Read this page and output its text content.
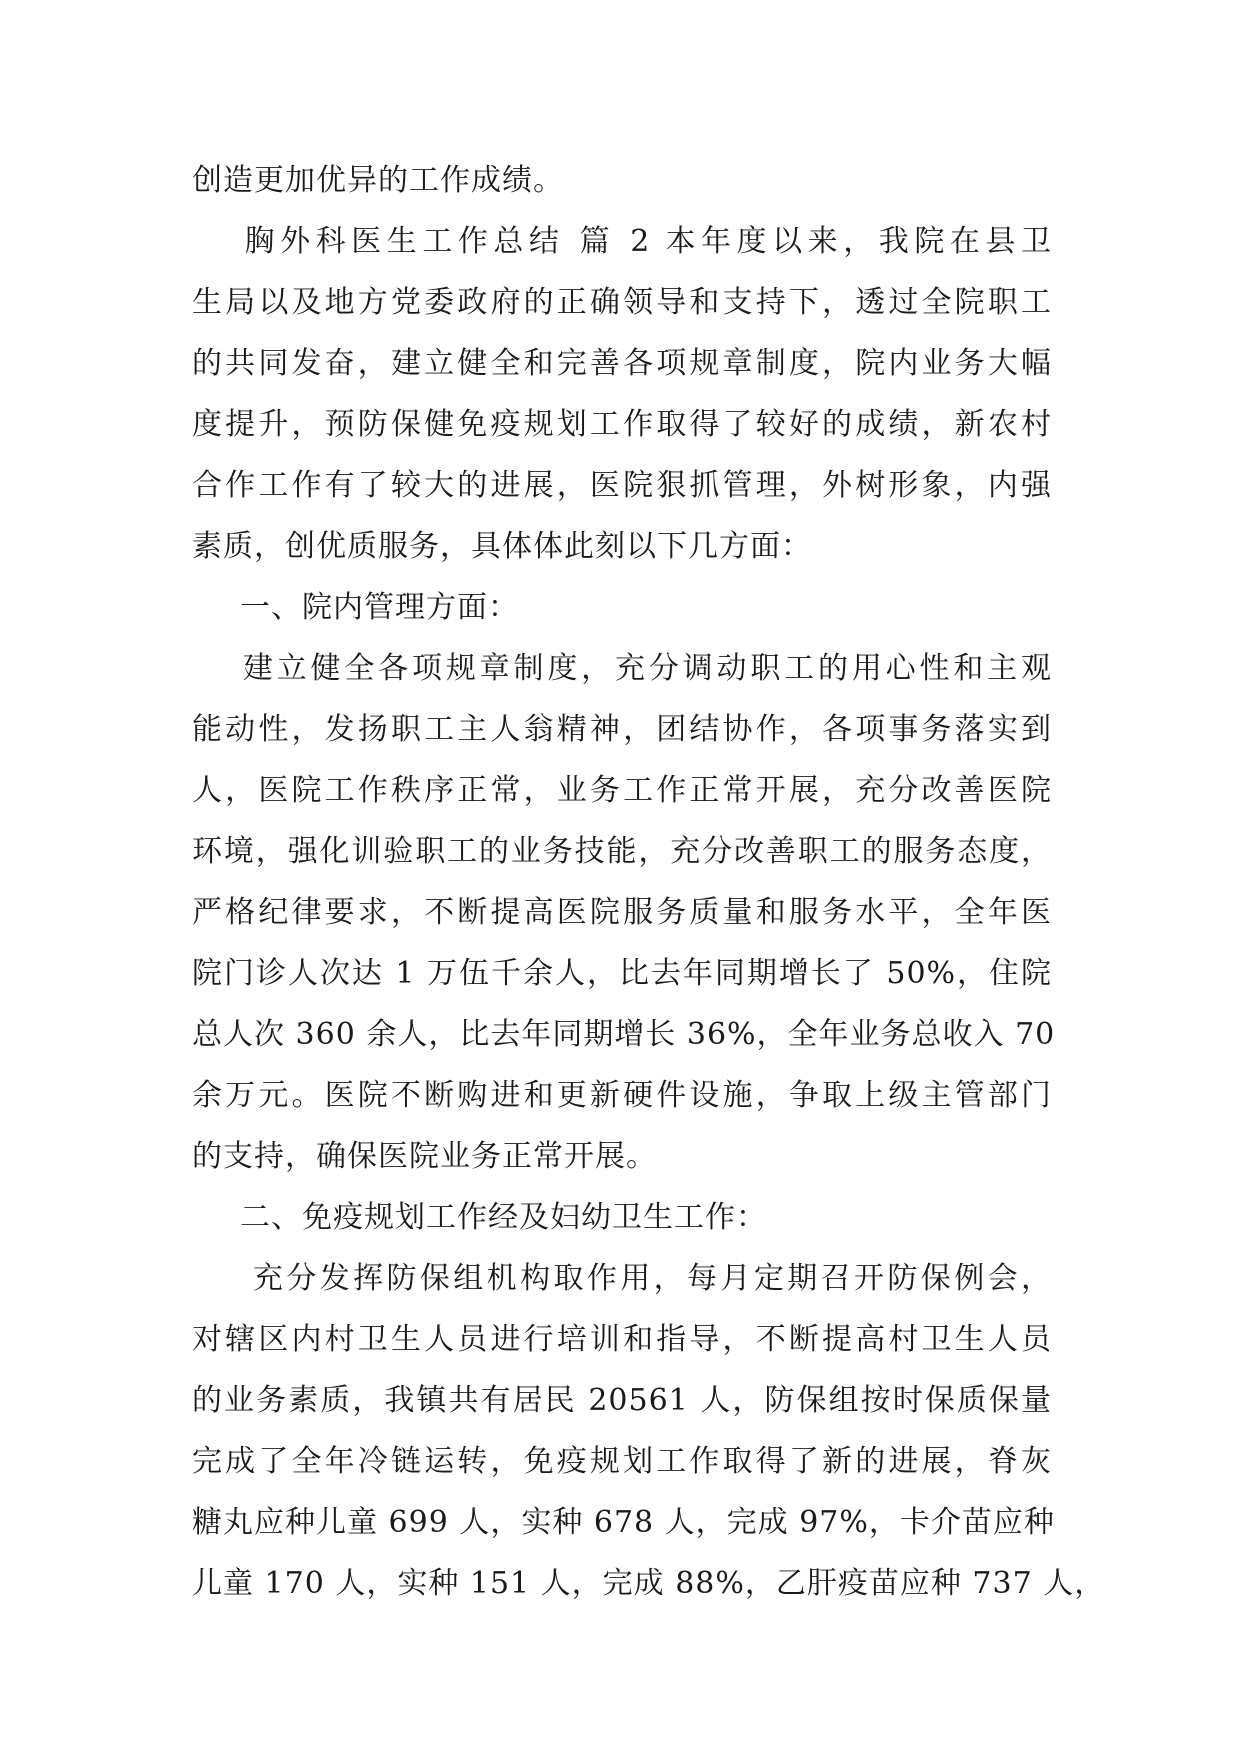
创造更加优异的工作成绩。
胸外科医生工作总结 篇 2 本年度以来，我院在县卫
生局以及地方党委政府的正确领导和支持下，透过全院职工
的共同发奋，建立健全和完善各项规章制度，院内业务大幅
度提升，预防保健免疫规划工作取得了较好的成绩，新农村
合作工作有了较大的进展，医院狠抓管理，外树形象，内强
素质，创优质服务，具体体此刻以下几方面：
一、院内管理方面：
建立健全各项规章制度，充分调动职工的用心性和主观
能动性，发扬职工主人翁精神，团结协作，各项事务落实到
人，医院工作秩序正常，业务工作正常开展，充分改善医院
环境，强化训验职工的业务技能，充分改善职工的服务态度，
严格纪律要求，不断提高医院服务质量和服务水平，全年医
院门诊人次达 1 万伍千余人，比去年同期增长了 50%，住院
总人次 360 余人，比去年同期增长 36%，全年业务总收入 70
余万元。医院不断购进和更新硬件设施，争取上级主管部门
的支持，确保医院业务正常开展。
二、免疫规划工作经及妇幼卫生工作：
充分发挥防保组机构取作用，每月定期召开防保例会，
对辖区内村卫生人员进行培训和指导，不断提高村卫生人员
的业务素质，我镇共有居民 20561 人，防保组按时保质保量
完成了全年冷链运转，免疫规划工作取得了新的进展，脊灰
糖丸应种儿童 699 人，实种 678 人，完成 97%，卡介苗应种
儿童 170 人，实种 151 人，完成 88%，乙肝疫苗应种 737 人，
